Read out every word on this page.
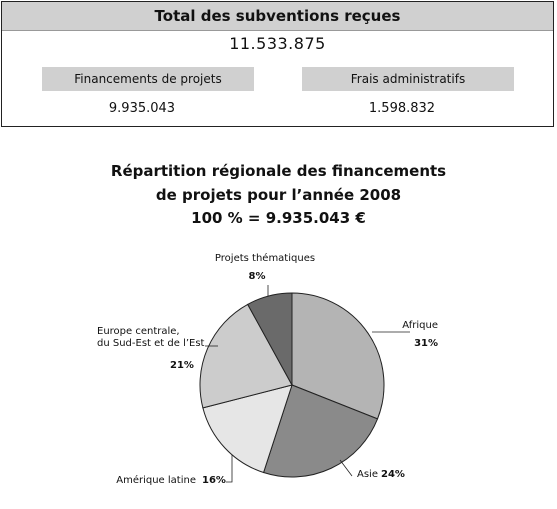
Total des subventions reçues
11.533.875
Financements de projets	Frais administratifs
9.935.043	1.598.832
Répartition régionale des financements
de projets pour l’année 2008
100 % = 9.935.043 €
Afrique
31%
Asie 24%
Amérique latine 16%
Europe centrale, du Sud-Est et de l’Est
21%
Projets thématiques
8%
